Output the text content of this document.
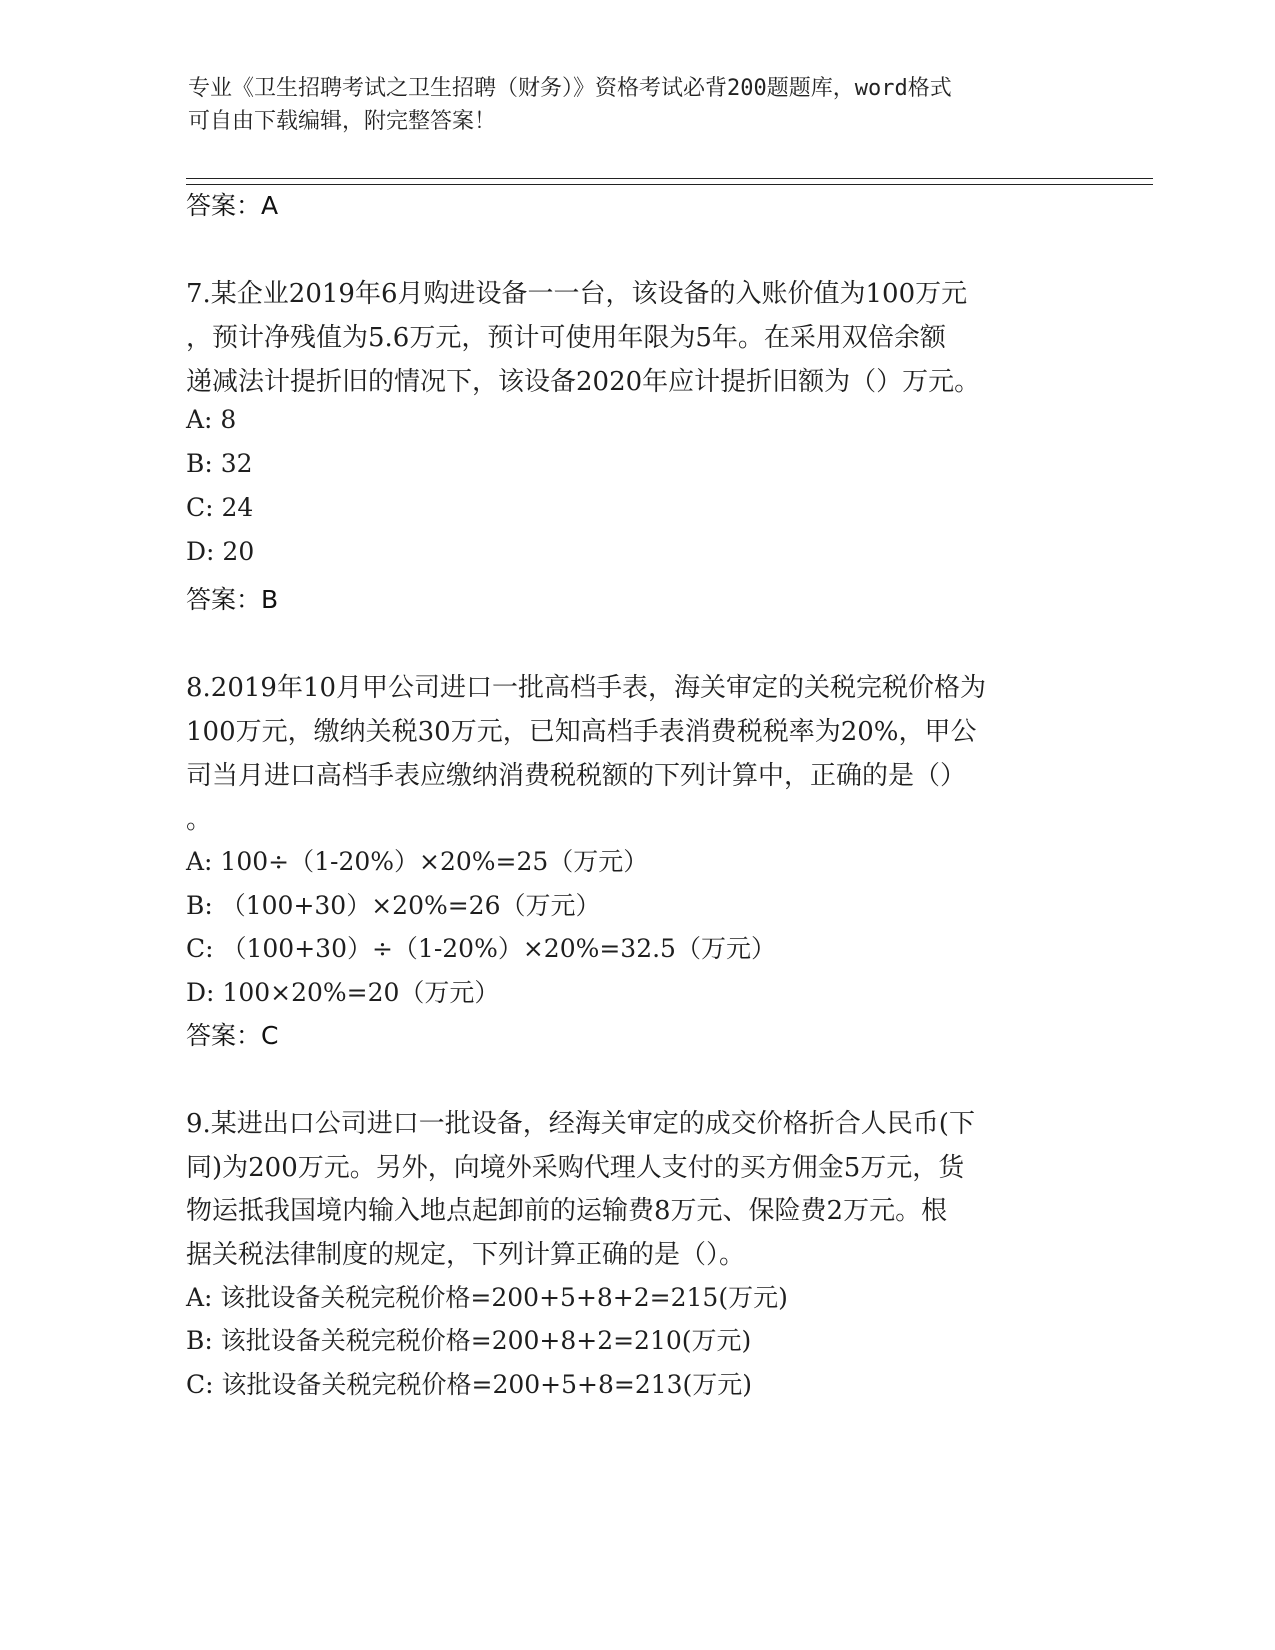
专业《卫生招聘考试之卫生招聘（财务）》资格考试必背200题题库，word格式
可自由下载编辑，附完整答案！
答案：A
7.某企业2019年6月购进设备一一台，该设备的入账价值为100万元
，预计净残值为5.6万元，预计可使用年限为5年。在采用双倍余额
递减法计提折旧的情况下，该设备2020年应计提折旧额为（）万元。
A: 8
B: 32
C: 24
D: 20
答案：B
8.2019年10月甲公司进口一批高档手表，海关审定的关税完税价格为
100万元，缴纳关税30万元，已知高档手表消费税税率为20%，甲公
司当月进口高档手表应缴纳消费税税额的下列计算中，正确的是（）
。
A: 100÷（1-20%）×20%=25（万元）
B: （100+30）×20%=26（万元）
C: （100+30）÷（1-20%）×20%=32.5（万元）
D: 100×20%=20（万元）
答案：C
9.某进出口公司进口一批设备，经海关审定的成交价格折合人民币(下
同)为200万元。另外，向境外采购代理人支付的买方佣金5万元，货
物运抵我国境内输入地点起卸前的运输费8万元、保险费2万元。根
据关税法律制度的规定，下列计算正确的是（）。
A: 该批设备关税完税价格=200+5+8+2=215(万元)
B: 该批设备关税完税价格=200+8+2=210(万元)
C: 该批设备关税完税价格=200+5+8=213(万元)
